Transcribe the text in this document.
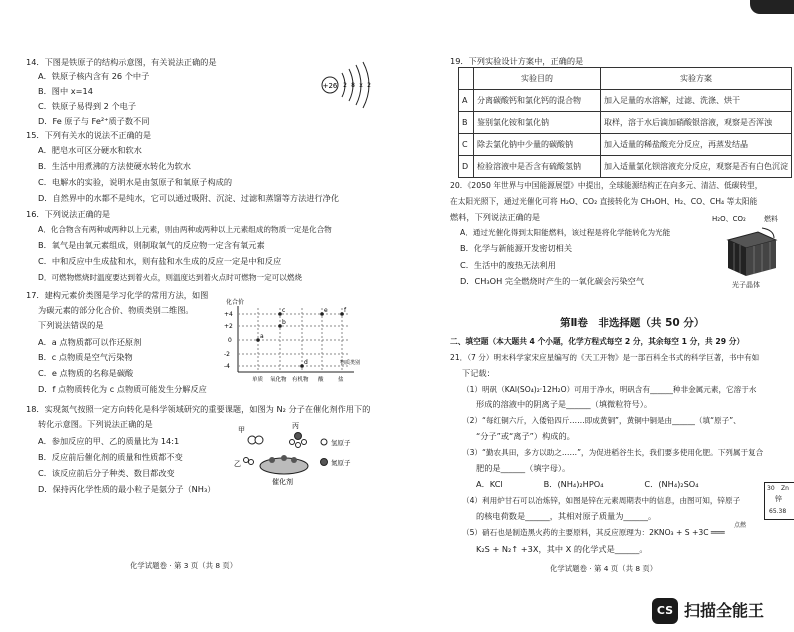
14．下图是铁原子的结构示意图，有关说法正确的是
A．铁原子核内含有 26 个中子
B．图中 x=14
C．铁原子易得到 2 个电子
D．Fe 原子与 Fe²⁺质子数不同
+26 2 8 x 2
15．下列有关水的说法不正确的是
A．肥皂水可区分硬水和软水
B．生活中用煮沸的方法使硬水转化为软水
C．电解水的实验，说明水是由氢原子和氧原子构成的
D．自然界中的水都不是纯水，它可以通过吸附、沉淀、过滤和蒸馏等方法进行净化
16．下列说法正确的是
A．化合物含有两种或两种以上元素，则由两种或两种以上元素组成的物质一定是化合物
B．氧气是由氧元素组成，则制取氧气的反应物一定含有氧元素
C．中和反应中生成盐和水，则有盐和水生成的反应一定是中和反应
D．可燃物燃烧时温度要达到着火点，则温度达到着火点时可燃物一定可以燃烧
17．建构元素价类图是学习化学的常用方法，如图
为碳元素的部分化合价、物质类别二维图。
下列说法错误的是
A．a 点物质都可以作还原剂
B．c 点物质是空气污染物
C．e 点物质的名称是碳酸
D．f 点物质转化为 c 点物质可能发生分解反应
化合价
+4
+2
0
-2
-4
单质 氧化物 有机物 酸	盐
物质类别
a
b
c
d
e	f
18．实现氮气按照一定方向转化是科学领域研究的重要课题，如图为 N₂ 分子在催化剂作用下的
转化示意图。下列说法正确的是
A．参加反应的甲、乙的质量比为 14:1
B．反应前后催化剂的质量和性质都不变
C．该反应前后分子种类、数目都改变
D．保持丙化学性质的最小粒子是氨分子（NH₃）
甲	丙
乙
催化剂
氢原子
氮原子
化学试题卷 · 第 3 页（共 8 页）
19．下列实验设计方案中，正确的是
	实验目的	实验方案
A	分离碳酸钙和氯化钙的混合物	加入足量的水溶解，过滤、洗涤、烘干
B	鉴别氯化铵和氯化钠	取样，溶于水后滴加硝酸银溶液，观察是否浑浊
C	除去氯化钠中少量的碳酸钠	加入适量的稀盐酸充分反应，再蒸发结晶
D	检验溶液中是否含有硫酸氢钠	加入适量氯化钡溶液充分反应，观察是否有白色沉淀
20．《2050 年世界与中国能源展望》中提出，全球能源结构正在向多元、清洁、低碳转型，
在太阳光照下，通过光催化可将 H₂O、CO₂ 直接转化为 CH₃OH、H₂、CO、CH₄ 等太阳能
燃料，下列说法正确的是
A．通过光催化得到太阳能燃料，该过程是将化学能转化为光能
B．化学与新能源开发密切相关
C．生活中的废热无法利用
D．CH₃OH 完全燃烧时产生的一氧化碳会污染空气
H₂O、CO₂	燃料
光子晶体
第Ⅱ卷　非选择题（共 50 分）
二、填空题（本大题共 4 个小题，化学方程式每空 2 分，其余每空 1 分，共 29 分）
21．（7 分）明末科学家宋应星编写的《天工开物》是一部百科全书式的科学巨著，书中有如
下记载：
（1）明矾（KAl(SO₄)₂·12H₂O）可用于净水，明矾含有______种非金属元素，它溶于水
形成的溶液中的阴离子是______（填微粒符号）。
（2）“每红铜六斤，入倭铅四斤……即成黄铜”，黄铜中铜是由______（填“原子”、
“分子”或“离子”）构成的。
（3）“勤农具田，多方以助之……”，为促进稻谷生长，我们要多使用化肥。下列属于复合
肥的是______（填字母）。
A．KCl　　　　　B．(NH₄)₂HPO₄　　　　　C．(NH₄)₂SO₄
（4）利用炉甘石可以冶炼锌，如图是锌在元素周期表中的信息，由图可知，锌原子
的核电荷数是______，其相对原子质量为______。
（5）硝石也是制造黑火药的主要原料，其反应原理为：2KNO₃ + S +3C ═══
K₂S + N₂↑ +3X，其中 X 的化学式是______。
点燃
30 Zn
锌
65.38
化学试题卷 · 第 4 页（共 8 页）
CS 扫描全能王
